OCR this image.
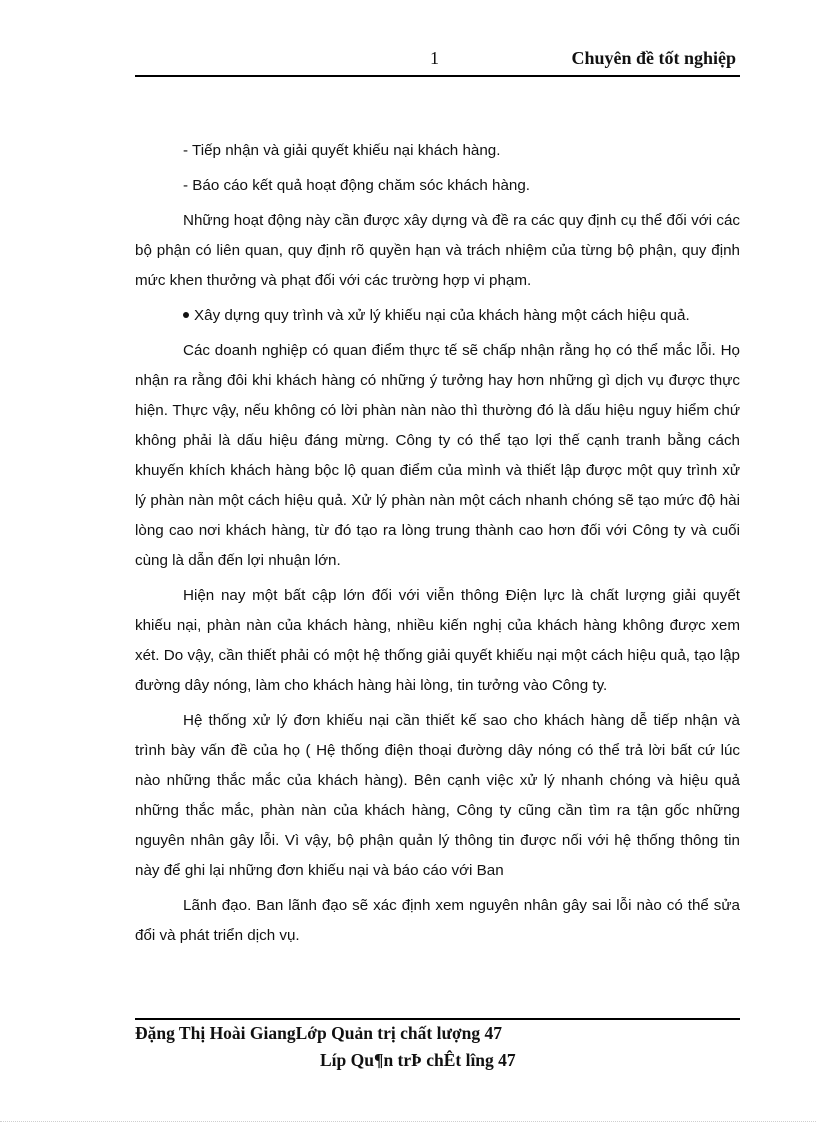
1	Chuyên đề tốt nghiệp

- Tiếp nhận và giải quyết khiếu nại khách hàng.

- Báo cáo kết quả hoạt động chăm sóc khách hàng.

Những hoạt động này cần được xây dựng và đề ra các quy định cụ thể đối với các bộ phận có liên quan, quy định rõ quyền hạn và trách nhiệm của từng bộ phận, quy định mức khen thưởng và phạt đối với các trường hợp vi phạm.

Xây dựng quy trình và xử lý khiếu nại của khách hàng một cách hiệu quả.

Các doanh nghiệp có quan điểm thực tế sẽ chấp nhận rằng họ có thể mắc lỗi. Họ nhận ra rằng đôi khi khách hàng có những ý tưởng hay hơn những gì dịch vụ được thực hiện. Thực vậy, nếu không có lời phàn nàn nào thì thường đó là dấu hiệu nguy hiểm chứ không phải là dấu hiệu đáng mừng. Công ty có thể tạo lợi thế cạnh tranh bằng cách khuyến khích khách hàng bộc lộ quan điểm của mình và thiết lập được một quy trình xử lý phàn nàn một cách hiệu quả. Xử lý phàn nàn một cách nhanh chóng sẽ tạo mức độ hài lòng cao nơi khách hàng, từ đó tạo ra lòng trung thành cao hơn đối với Công ty và cuối cùng là dẫn đến lợi nhuận lớn.

Hiện nay một bất cập lớn đối với viễn thông Điện lực là chất lượng giải quyết khiếu nại, phàn nàn của khách hàng, nhiều kiến nghị của khách hàng không được xem xét. Do vậy, cần thiết phải có một hệ thống giải quyết khiếu nại một cách hiệu quả, tạo lập đường dây nóng, làm cho khách hàng hài lòng, tin tưởng vào Công ty.

Hệ thống xử lý đơn khiếu nại cần thiết kế sao cho khách hàng dễ tiếp nhận và trình bày vấn đề của họ ( Hệ thống điện thoại đường dây nóng có thể trả lời bất cứ lúc nào những thắc mắc của khách hàng). Bên cạnh việc xử lý nhanh chóng và hiệu quả những thắc mắc, phàn nàn của khách hàng, Công ty cũng cần tìm ra tận gốc những nguyên nhân gây lỗi. Vì vậy, bộ phận quản lý thông tin được nối với hệ thống thông tin này để ghi lại những đơn khiếu nại và báo cáo với Ban

Lãnh đạo. Ban lãnh đạo sẽ xác định xem nguyên nhân gây sai lỗi nào có thể sửa đổi và phát triển dịch vụ.

Đặng Thị Hoài GiangLớp Quản trị chất lượng 47
Líp Qu¶n trÞ chÊt lîng 47
